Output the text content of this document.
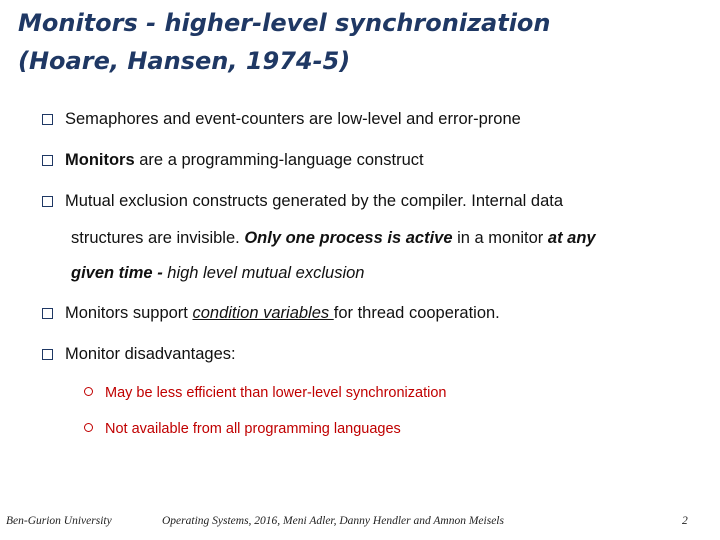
Monitors - higher-level synchronization
(Hoare, Hansen, 1974-5)
Semaphores and event-counters are low-level and error-prone
Monitors are a programming-language construct
Mutual exclusion constructs generated by the compiler. Internal data
structures are invisible. Only one process is active in a monitor at any
given time - high level mutual exclusion
Monitors support condition variables for thread cooperation.
Monitor disadvantages:
May be less efficient than lower-level synchronization
Not available from all programming languages
Ben-Gurion University	Operating Systems, 2016, Meni Adler, Danny Hendler and Amnon Meisels	2
